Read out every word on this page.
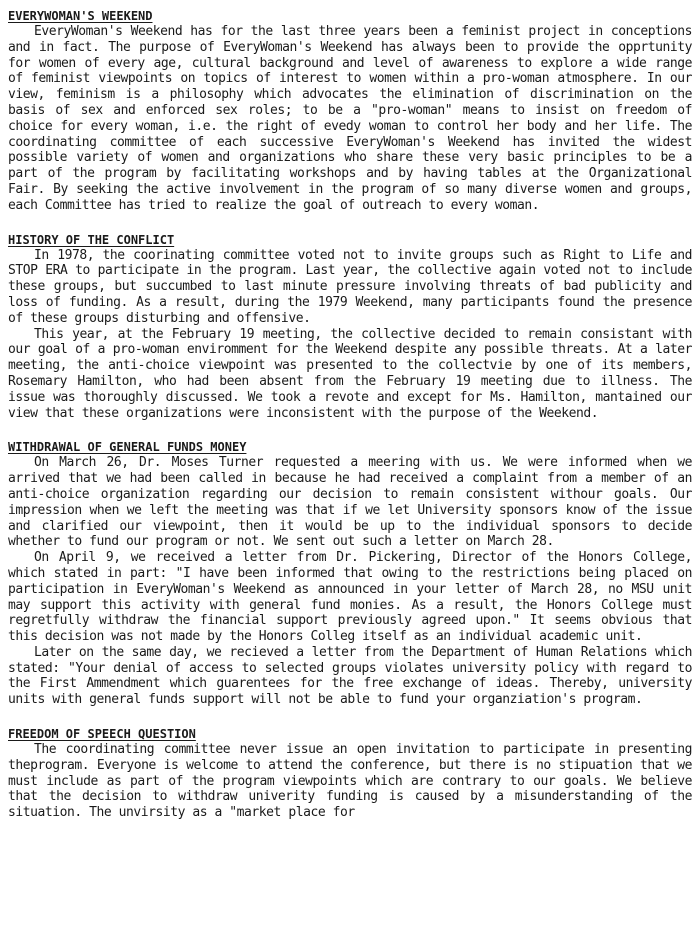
EVERYWOMAN'S WEEKEND

EveryWoman's Weekend has for the last three years been a feminist project in conceptions and in fact. The purpose of EveryWoman's Weekend has always been to provide the opprtunity for women of every age, cultural background and level of awareness to explore a wide range of feminist viewpoints on topics of interest to women within a pro-woman atmosphere. In our view, feminism is a philosophy which advocates the elimination of discrimination on the basis of sex and enforced sex roles; to be a "pro-woman" means to insist on freedom of choice for every woman, i.e. the right of evedy woman to control her body and her life. The coordinating committee of each successive EveryWoman's Weekend has invited the widest possible variety of women and organizations who share these very basic principles to be a part of the program by facilitating workshops and by having tables at the Organizational Fair. By seeking the active involvement in the program of so many diverse women and groups, each Committee has tried to realize the goal of outreach to every woman.

HISTORY OF THE CONFLICT

In 1978, the coorinating committee voted not to invite groups such as Right to Life and STOP ERA to participate in the program. Last year, the collective again voted not to include these groups, but succumbed to last minute pressure involving threats of bad publicity and loss of funding. As a result, during the 1979 Weekend, many participants found the presence of these groups disturbing and offensive.

This year, at the February 19 meeting, the collective decided to remain consistant with our goal of a pro-woman enviromment for the Weekend despite any possible threats. At a later meeting, the anti-choice viewpoint was presented to the collectvie by one of its members, Rosemary Hamilton, who had been absent from the February 19 meeting due to illness. The issue was thoroughly discussed. We took a revote and except for Ms. Hamilton, mantained our view that these organizations were inconsistent with the purpose of the Weekend.

WITHDRAWAL OF GENERAL FUNDS MONEY

On March 26, Dr. Moses Turner requested a meering with us. We were informed when we arrived that we had been called in because he had received a complaint from a member of an anti-choice organization regarding our decision to remain consistent withour goals. Our impression when we left the meeting was that if we let University sponsors know of the issue and clarified our viewpoint, then it would be up to the individual sponsors to decide whether to fund our program or not. We sent out such a letter on March 28.

On April 9, we received a letter from Dr. Pickering, Director of the Honors College, which stated in part: "I have been informed that owing to the restrictions being placed on participation in EveryWoman's Weekend as announced in your letter of March 28, no MSU unit may support this activity with general fund monies. As a result, the Honors College must regretfully withdraw the financial support previously agreed upon." It seems obvious that this decision was not made by the Honors Colleg itself as an individual academic unit.

Later on the same day, we recieved a letter from the Department of Human Relations which stated: "Your denial of access to selected groups violates university policy with regard to the First Ammendment which guarentees for the free exchange of ideas. Thereby, university units with general funds support will not be able to fund your organziation's program.

FREEDOM OF SPEECH QUESTION

The coordinating committee never issue an open invitation to participate in presenting theprogram. Everyone is welcome to attend the conference, but there is no stipuation that we must include as part of the program viewpoints which are contrary to our goals. We believe that the decision to withdraw univerity funding is caused by a misunderstanding of the situation. The unvirsity as a "market place for
